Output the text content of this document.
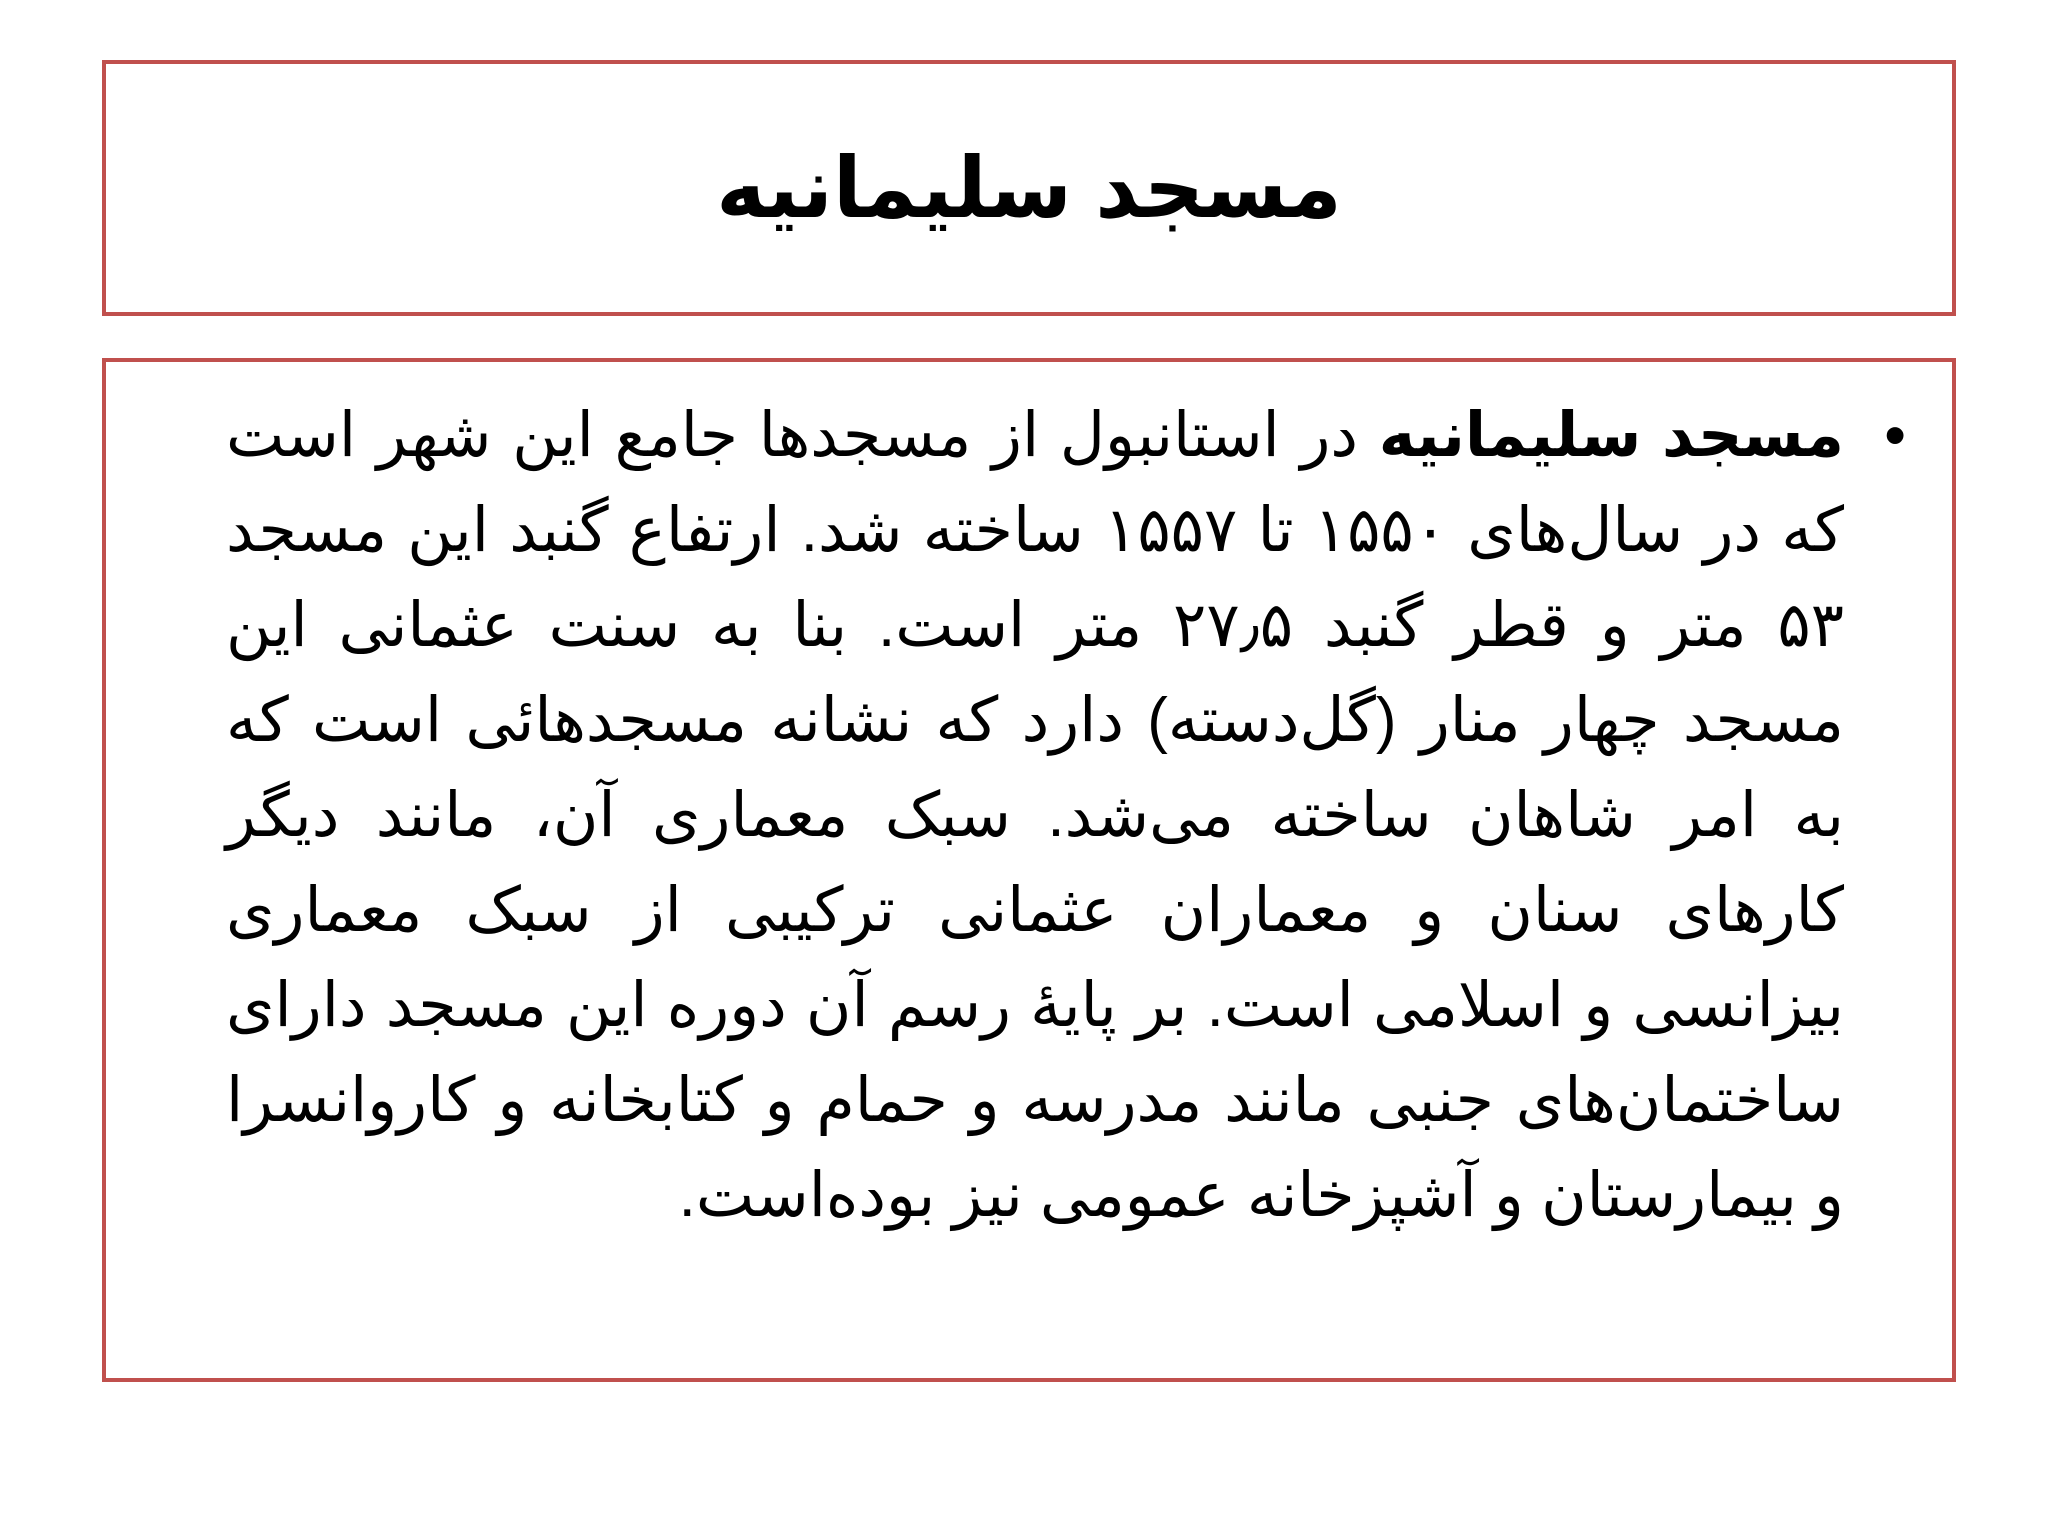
مسجد سلیمانیه
•
مسجد سلیمانیه در استانبول از مسجدها جامع این شهر است که در سال‌های ۱۵۵۰ تا ۱۵۵۷ ساخته شد. ارتفاع گنبد این مسجد ۵۳ متر و قطر گنبد ۲۷٫۵ متر است. بنا به سنت عثمانی این مسجد چهار منار (گل‌دسته) دارد که نشانه مسجدهائی است که به امر شاهان ساخته می‌شد. سبک معماری آن، مانند دیگر کارهای سنان و معماران عثمانی ترکیبی از سبک معماری بیزانسی و اسلامی است. بر پایهٔ رسم آن دوره این مسجد دارای ساختمان‌های جنبی مانند مدرسه و حمام و کتابخانه و کاروانسرا و بیمارستان و آشپزخانه عمومی نیز بوده‌است.
